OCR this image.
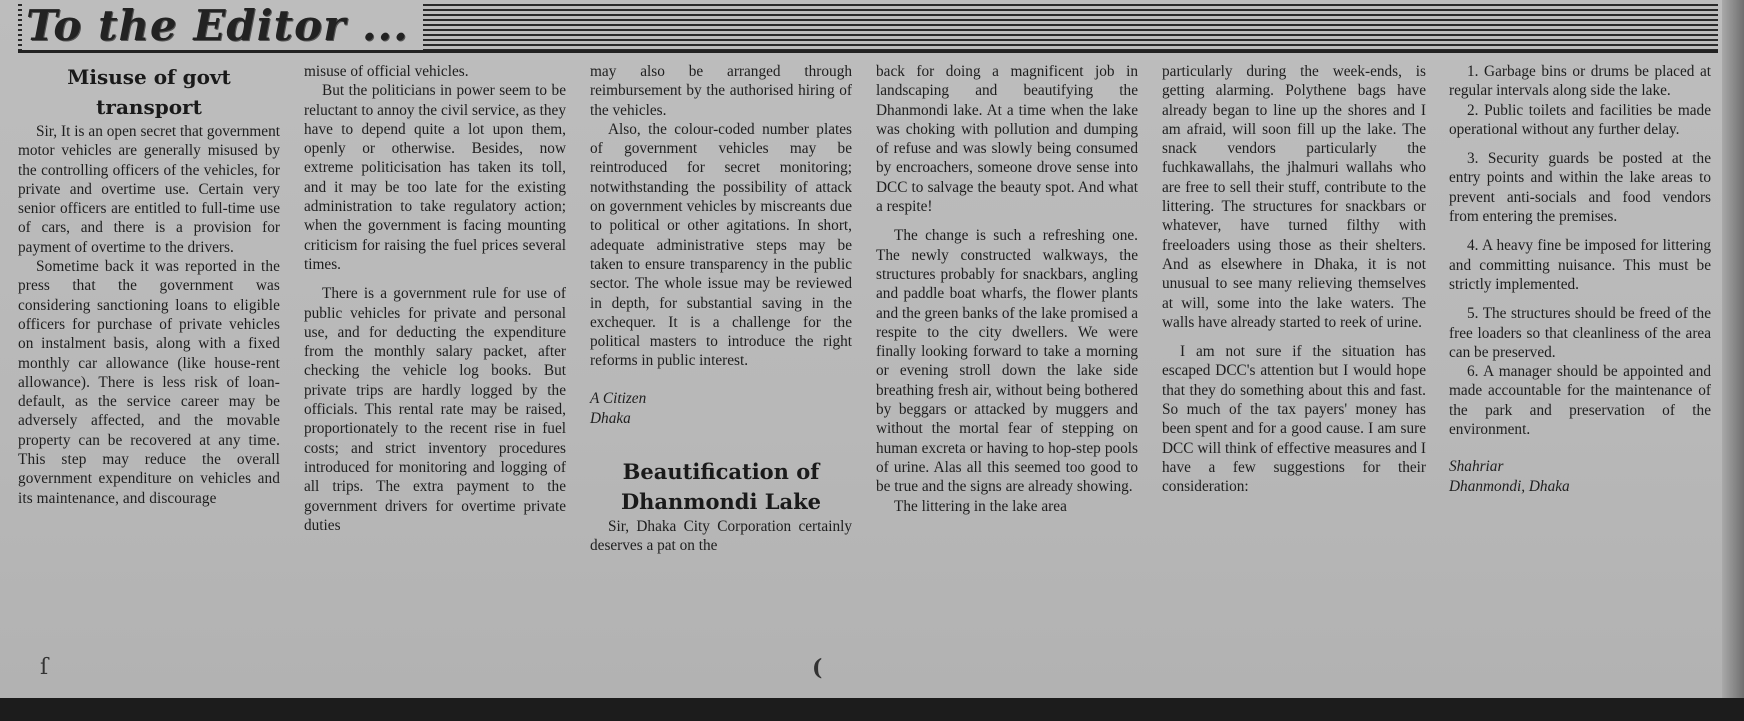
To the Editor ...
Misuse of govt transport

Sir, It is an open secret that government motor vehicles are generally misused by the controlling officers of the vehicles, for private and overtime use. Certain very senior officers are entitled to full-time use of cars, and there is a provision for payment of overtime to the drivers.

Sometime back it was reported in the press that the government was considering sanctioning loans to eligible officers for purchase of private vehicles on instalment basis, along with a fixed monthly car allowance (like house-rent allowance). There is less risk of loan-default, as the service career may be adversely affected, and the movable property can be recovered at any time. This step may reduce the overall government expenditure on vehicles and its maintenance, and discourage

misuse of official vehicles.

But the politicians in power seem to be reluctant to annoy the civil service, as they have to depend quite a lot upon them, openly or otherwise. Besides, now extreme politicisation has taken its toll, and it may be too late for the existing administration to take regulatory action; when the government is facing mounting criticism for raising the fuel prices several times.

There is a government rule for use of public vehicles for private and personal use, and for deducting the expenditure from the monthly salary packet, after checking the vehicle log books. But private trips are hardly logged by the officials. This rental rate may be raised, proportionately to the recent rise in fuel costs; and strict inventory procedures introduced for monitoring and logging of all trips. The extra payment to the government drivers for overtime private duties

may also be arranged through reimbursement by the authorised hiring of the vehicles.

Also, the colour-coded number plates of government vehicles may be reintroduced for secret monitoring; notwithstanding the possibility of attack on government vehicles by miscreants due to political or other agitations. In short, adequate administrative steps may be taken to ensure transparency in the public sector. The whole issue may be reviewed in depth, for substantial saving in the exchequer. It is a challenge for the political masters to introduce the right reforms in public interest.

A Citizen

Dhaka

Beautification of
Dhanmondi Lake

Sir, Dhaka City Corporation certainly deserves a pat on the

back for doing a magnificent job in landscaping and beautifying the Dhanmondi lake. At a time when the lake was choking with pollution and dumping of refuse and was slowly being consumed by encroachers, someone drove sense into DCC to salvage the beauty spot. And what a respite!

The change is such a refreshing one. The newly constructed walkways, the structures probably for snackbars, angling and paddle boat wharfs, the flower plants and the green banks of the lake promised a respite to the city dwellers. We were finally looking forward to take a morning or evening stroll down the lake side breathing fresh air, without being bothered by beggars or attacked by muggers and without the mortal fear of stepping on human excreta or having to hop-step pools of urine. Alas all this seemed too good to be true and the signs are already showing.

The littering in the lake area

particularly during the week-ends, is getting alarming. Polythene bags have already began to line up the shores and I am afraid, will soon fill up the lake. The snack vendors particularly the fuchkawallahs, the jhalmuri wallahs who are free to sell their stuff, contribute to the littering. The structures for snackbars or whatever, have turned filthy with freeloaders using those as their shelters. And as elsewhere in Dhaka, it is not unusual to see many relieving themselves at will, some into the lake waters. The walls have already started to reek of urine.

I am not sure if the situation has escaped DCC's attention but I would hope that they do something about this and fast. So much of the tax payers' money has been spent and for a good cause. I am sure DCC will think of effective measures and I have a few suggestions for their consideration:

1. Garbage bins or drums be placed at regular intervals along side the lake.

2. Public toilets and facilities be made operational without any further delay.

3. Security guards be posted at the entry points and within the lake areas to prevent anti-socials and food vendors from entering the premises.

4. A heavy fine be imposed for littering and committing nuisance. This must be strictly implemented.

5. The structures should be freed of the free loaders so that cleanliness of the area can be preserved.

6. A manager should be appointed and made accountable for the maintenance of the park and preservation of the environment.

Shahriar

Dhanmondi, Dhaka

ſ	(
